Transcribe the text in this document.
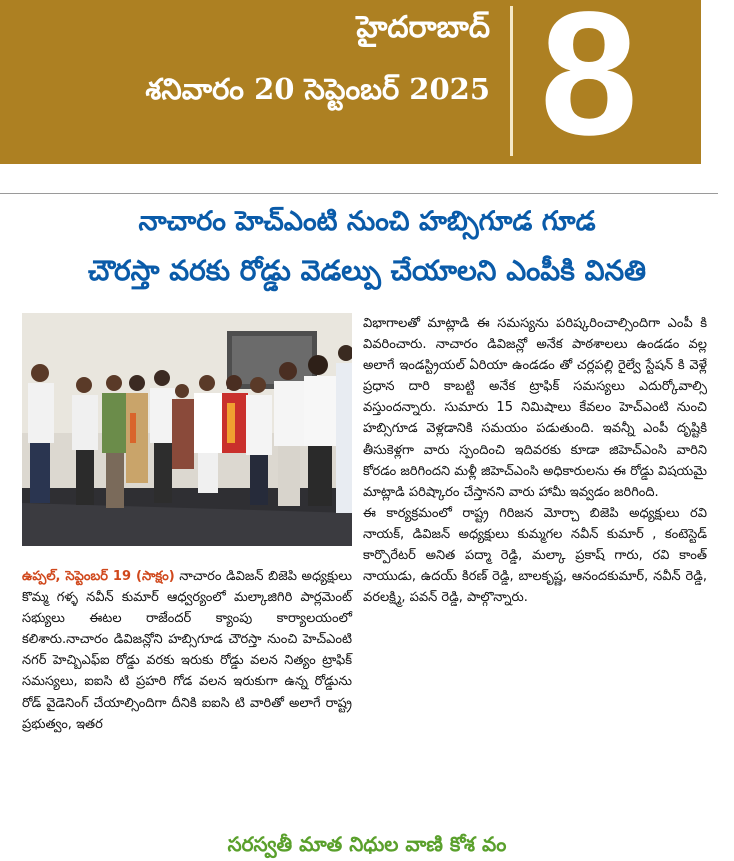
హైదరాబాద్
శనివారం 20 సెప్టెంబర్ 2025 8
నాచారం హెచ్ఎంటి నుంచి హబ్సిగూడ గూడ
చౌరస్తా వరకు రోడ్డు వెడల్పు చేయాలని ఎంపీకి వినతి

ఉప్పల్, సెప్టెంబర్ 19 (సాక్షం) నాచారం డివిజన్ బిజెపి అధ్యక్షులు కొమ్మ గళ్ళ నవీన్ కుమార్ ఆధ్వర్యంలో మల్కాజిగిరి పార్లమెంట్ సభ్యులు ఈటల రాజేందర్ క్యాంపు కార్యాలయంలో కలిశారు.నాచారం డివిజన్లోని హబ్సిగూడ చౌరస్తా నుంచి హెచ్ఎంటి నగర్ హెచ్బిఎఫ్ఐ రోడ్డు వరకు ఇరుకు రోడ్డు వలన నిత్యం ట్రాఫిక్ సమస్యలు, ఐఐసి టి ప్రహరి గోడ వలన ఇరుకుగా ఉన్న రోడ్డును రోడ్ వైడెనింగ్ చేయాల్సిందిగా దీనికి ఐఐసి టి వారితో అలాగే రాష్ట్ర ప్రభుత్వం, ఇతర

విభాగాలతో మాట్లాడి ఈ సమస్యను పరిష్కరించాల్సిందిగా ఎంపీ కి వివరించారు. నాచారం డివిజన్లో అనేక పాఠశాలలు ఉండడం వల్ల అలాగే ఇండస్ట్రియల్ ఏరియా ఉండడం తో చర్లపల్లి రైల్వే స్టేషన్ కి వెళ్లే ప్రధాన దారి కాబట్టి అనేక ట్రాఫిక్ సమస్యలు ఎదుర్కోవాల్సి వస్తుందన్నారు. సుమారు 15 నిమిషాలు కేవలం హెచ్ఎంటి నుంచి హబ్సిగూడ వెళ్లడానికి సమయం పడుతుంది. ఇవన్నీ ఎంపీ దృష్టికి తీసుకెళ్లగా వారు స్పందించి ఇదివరకు కూడా జిహెచ్ఎంసి వారిని కోరడం జరిగిందని మళ్లీ జిహెచ్ఎంసి అధికారులను ఈ రోడ్డు విషయమై మాట్లాడి పరిష్కారం చేస్తానని వారు హామీ ఇవ్వడం జరిగింది.

ఈ కార్యక్రమంలో రాష్ట్ర గిరిజన మోర్చా బిజెపి అధ్యక్షులు రవి నాయక్, డివిజన్ అధ్యక్షులు కుమ్మగల నవీన్ కుమార్ , కంటెస్టెడ్ కార్పొరేటర్ అనిత పద్మా రెడ్డి, మల్కా ప్రకాష్ గారు, రవి కాంత్ నాయుడు, ఉదయ్ కిరణ్ రెడ్డి, బాలకృష్ణ, ఆనందకుమార్, నవీన్ రెడ్డి, వరలక్ష్మి, పవన్ రెడ్డి, పాల్గొన్నారు.

సరస్వతీ మాత నిధుల వాణి కోశ వం
